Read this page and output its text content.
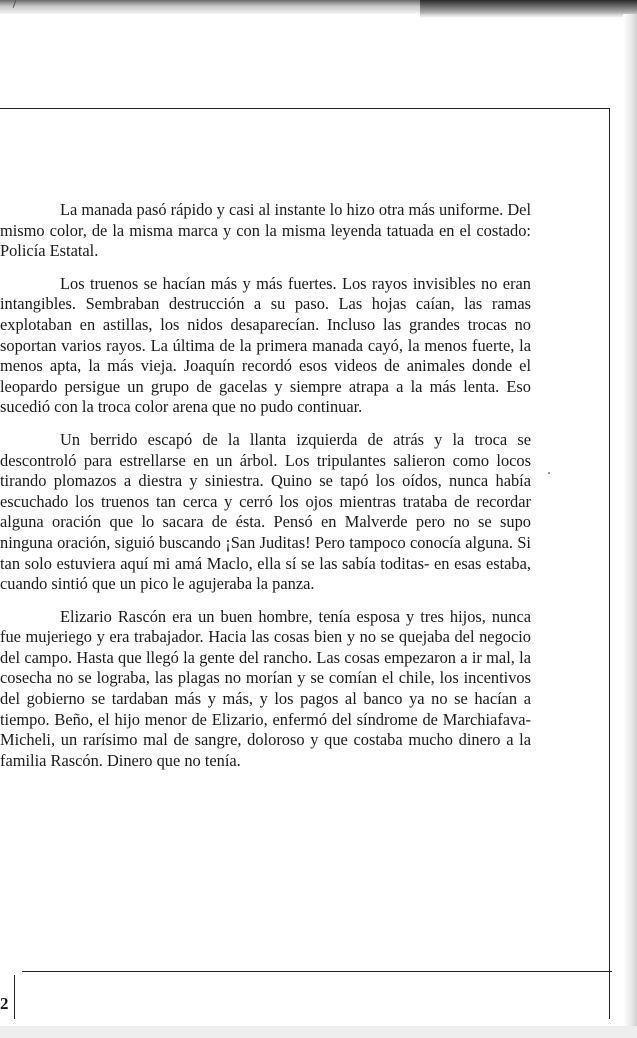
La manada pasó rápido y casi al instante lo hizo otra más uniforme. Del mismo color, de la misma marca y con la misma leyenda tatuada en el costado: Policía Estatal.

Los truenos se hacían más y más fuertes. Los rayos invisibles no eran intangibles. Sembraban destrucción a su paso. Las hojas caían, las ramas explotaban en astillas, los nidos desaparecían. Incluso las grandes trocas no soportan varios rayos. La última de la primera manada cayó, la menos fuerte, la menos apta, la más vieja. Joaquín recordó esos videos de animales donde el leopardo persigue un grupo de gacelas y siempre atrapa a la más lenta. Eso sucedió con la troca color arena que no pudo continuar.

Un berrido escapó de la llanta izquierda de atrás y la troca se descontroló para estrellarse en un árbol. Los tripulantes salieron como locos tirando plomazos a diestra y siniestra. Quino se tapó los oídos, nunca había escuchado los truenos tan cerca y cerró los ojos mientras trataba de recordar alguna oración que lo sacara de ésta. Pensó en Malverde pero no se supo ninguna oración, siguió buscando ¡San Juditas! Pero tampoco conocía alguna. Si tan solo estuviera aquí mi amá Maclo, ella sí se las sabía toditas- en esas estaba, cuando sintió que un pico le agujeraba la panza.

Elizario Rascón era un buen hombre, tenía esposa y tres hijos, nunca fue mujeriego y era trabajador. Hacia las cosas bien y no se quejaba del negocio del campo. Hasta que llegó la gente del rancho. Las cosas empezaron a ir mal, la cosecha no se lograba, las plagas no morían y se comían el chile, los incentivos del gobierno se tardaban más y más, y los pagos al banco ya no se hacían a tiempo. Beño, el hijo menor de Elizario, enfermó del síndrome de Marchiafava-Micheli, un rarísimo mal de sangre, doloroso y que costaba mucho dinero a la familia Rascón. Dinero que no tenía.

2
